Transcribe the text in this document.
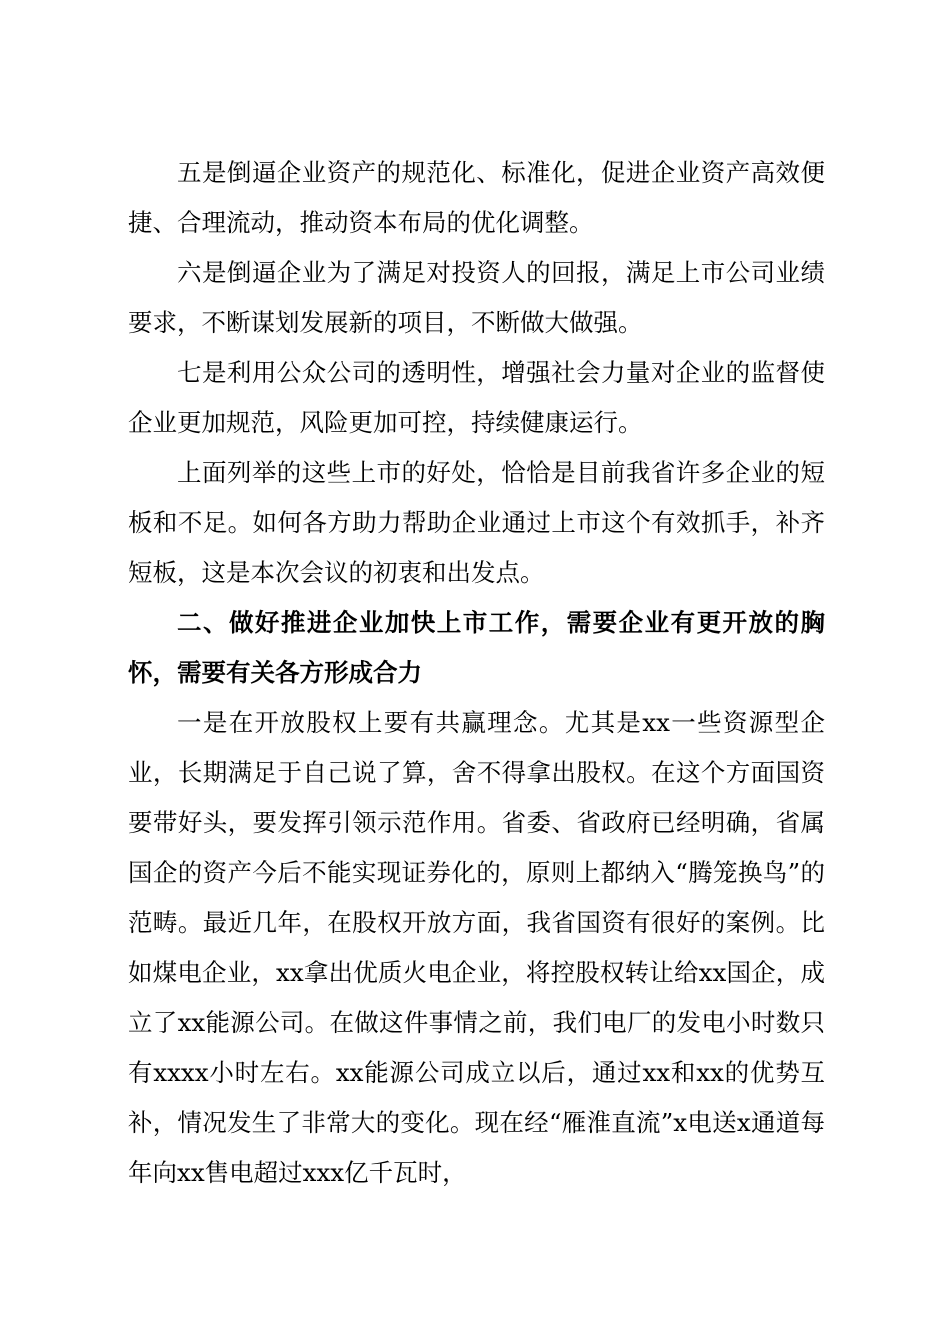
五是倒逼企业资产的规范化、标准化，促进企业资产高效便捷、合理流动，推动资本布局的优化调整。

六是倒逼企业为了满足对投资人的回报，满足上市公司业绩要求，不断谋划发展新的项目，不断做大做强。

七是利用公众公司的透明性，增强社会力量对企业的监督使企业更加规范，风险更加可控，持续健康运行。

上面列举的这些上市的好处，恰恰是目前我省许多企业的短板和不足。如何各方助力帮助企业通过上市这个有效抓手，补齐短板，这是本次会议的初衷和出发点。

二、做好推进企业加快上市工作，需要企业有更开放的胸怀，需要有关各方形成合力

一是在开放股权上要有共赢理念。尤其是xx一些资源型企业，长期满足于自己说了算，舍不得拿出股权。在这个方面国资要带好头，要发挥引领示范作用。省委、省政府已经明确，省属国企的资产今后不能实现证券化的，原则上都纳入“腾笼换鸟”的范畴。最近几年，在股权开放方面，我省国资有很好的案例。比如煤电企业，xx拿出优质火电企业，将控股权转让给xx国企，成立了xx能源公司。在做这件事情之前，我们电厂的发电小时数只有xxxx小时左右。xx能源公司成立以后，通过xx和xx的优势互补，情况发生了非常大的变化。现在经“雁淮直流”x电送x通道每年向xx售电超过xxx亿千瓦时，
